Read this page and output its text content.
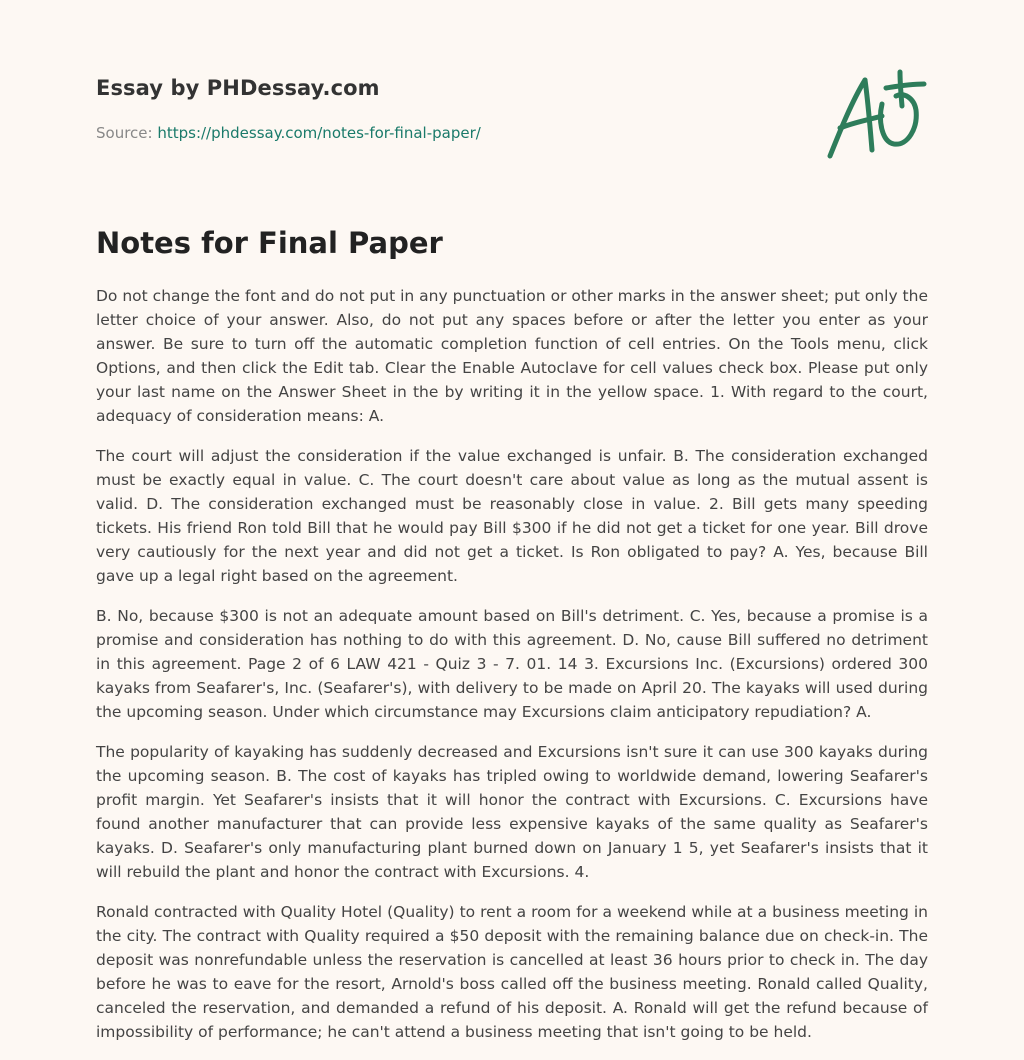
Essay by PHDessay.com
Source: https://phdessay.com/notes-for-final-paper/
Notes for Final Paper

Do not change the font and do not put in any punctuation or other marks in the answer sheet; put only the letter choice of your answer. Also, do not put any spaces before or after the letter you enter as your answer. Be sure to turn off the automatic completion function of cell entries. On the Tools menu, click Options, and then click the Edit tab. Clear the Enable Autoclave for cell values check box. Please put only your last name on the Answer Sheet in the by writing it in the yellow space. 1. With regard to the court, adequacy of consideration means: A.

The court will adjust the consideration if the value exchanged is unfair. B. The consideration exchanged must be exactly equal in value. C. The court doesn't care about value as long as the mutual assent is valid. D. The consideration exchanged must be reasonably close in value. 2. Bill gets many speeding tickets. His friend Ron told Bill that he would pay Bill $300 if he did not get a ticket for one year. Bill drove very cautiously for the next year and did not get a ticket. Is Ron obligated to pay? A. Yes, because Bill gave up a legal right based on the agreement.

B. No, because $300 is not an adequate amount based on Bill's detriment. C. Yes, because a promise is a promise and consideration has nothing to do with this agreement. D. No, cause Bill suffered no detriment in this agreement. Page 2 of 6 LAW 421 - Quiz 3 - 7. 01. 14 3. Excursions Inc. (Excursions) ordered 300 kayaks from Seafarer's, Inc. (Seafarer's), with delivery to be made on April 20. The kayaks will used during the upcoming season. Under which circumstance may Excursions claim anticipatory repudiation? A.

The popularity of kayaking has suddenly decreased and Excursions isn't sure it can use 300 kayaks during the upcoming season. B. The cost of kayaks has tripled owing to worldwide demand, lowering Seafarer's profit margin. Yet Seafarer's insists that it will honor the contract with Excursions. C. Excursions have found another manufacturer that can provide less expensive kayaks of the same quality as Seafarer's kayaks. D. Seafarer's only manufacturing plant burned down on January 1 5, yet Seafarer's insists that it will rebuild the plant and honor the contract with Excursions. 4.

Ronald contracted with Quality Hotel (Quality) to rent a room for a weekend while at a business meeting in the city. The contract with Quality required a $50 deposit with the remaining balance due on check-in. The deposit was nonrefundable unless the reservation is cancelled at least 36 hours prior to check in. The day before he was to eave for the resort, Arnold's boss called off the business meeting. Ronald called Quality, canceled the reservation, and demanded a refund of his deposit. A. Ronald will get the refund because of impossibility of performance; he can't attend a business meeting that isn't going to be held.
